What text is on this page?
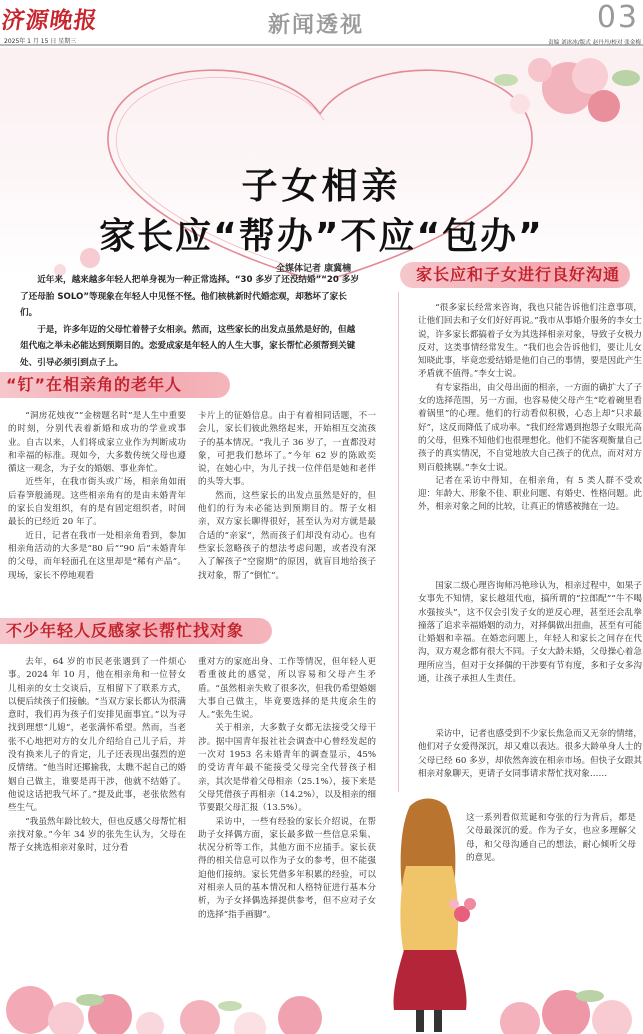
济源晚报
2025年 1 月 15 日 星期三
新闻透视	03
责编 刘冰冰/版式 赵丹丹/校对 张金梅
子女相亲
家长应“帮办”不应“包办”
全媒体记者 康冀楠

近年来，越来越多年轻人把单身视为一种正常选择。“30 多岁了还没结婚”“20 多岁了还母胎 SOLO”等现象在年轻人中见怪不怪。他们核桃新时代婚恋观，却愁坏了家长们。

于是，许多年迈的父母忙着替子女相亲。然而，这些家长的出发点虽然是好的，但越俎代庖之举未必能达到预期目的。恋爱成家是年轻人的人生大事，家长帮忙必须帮到关键处、引导必须引到点子上。

“钉”在相亲角的老年人

“洞房花烛夜”“金榜题名时”是人生中重要的时刻，分别代表着新婚和成功的学业或事业。自古以来，人们将成家立业作为判断成功和幸福的标准。现如今，大多数传统父母也遵循这一观念，为子女的婚姻、事业奔忙。

近些年，在我市街头或广场，相亲角如雨后春笋般涌现。这些相亲角有的是由未婚青年的家长自发组织，有的是有固定组织者，时间最长的已经近 20 年了。

近日，记者在我市一处相亲角看到，参加相亲角活动的大多是“80 后”“90 后”未婚青年的父母，而年轻面孔在这里却是“稀有产品”。现场，家长不停地观看

卡片上的征婚信息。由于有着相同话题，不一会儿，家长们彼此熟络起来，开始相互交流孩子的基本情况。“我儿子 36 岁了，一直都没对象，可把我们愁坏了。”今年 62 岁的陈欧奕说，在她心中，为儿子找一位伴侣是她和老伴的头等大事。

然而，这些家长的出发点虽然是好的，但他们的行为未必能达到预期目的。帮子女相亲，双方家长聊得很好，甚至认为对方就是最合适的“亲家”，然而孩子们却没有动心。也有些家长忽略孩子的想法考虑问题，或者没有深入了解孩子“空窗期”的原因，就盲目地给孩子找对象，帮了“倒忙”。

不少年轻人反感家长帮忙找对象

去年，64 岁的市民老张遇到了一件烦心事。2024 年 10 月，他在相亲角和一位替女儿相亲的女士交谈后，互相留下了联系方式，以便后续孩子们接触。“当双方家长都认为很满意时，我们再为孩子们安排见面事宜。”以为寻找到理想“儿媳”，老张满怀希望。然而，当老张不心地把对方的女儿介绍给自己儿子后，并没有换来儿子的肯定，儿子还表现出强烈的逆反情绪。“他当时还揶揄我，太瞧不起自己的婚姻自己做主，谁要是再干涉，他就不结婚了。他说这话把我气坏了。”提及此事，老张依然有些生气。

“我虽然年龄比较大，但也反感父母帮忙相亲找对象。”今年 34 岁的张先生认为，父母在帮子女挑选相亲对象时，过分看

重对方的家庭出身、工作等情况，但年轻人更看重彼此的感觉，所以容易和父母产生矛盾。“虽然相亲失败了很多次，但我仍希望婚姻大事自己做主，毕竟要选择的是共度余生的人。”张先生说。

关于相亲，大多数子女都无法接受父母干涉。据中国青年报社社会调查中心曾经发起的一次对 1953 名未婚青年的调查显示，45% 的受访青年最不能接受父母完全代替孩子相亲，其次是带着父母相亲（25.1%），接下来是父母凭借孩子再相亲（14.2%），以及相亲的细节要跟父母汇报（13.5%）。

采访中，一些有经验的家长介绍说，在帮助子女择偶方面，家长最多做一些信息采集、状况分析等工作，其他方面不应插手。家长获得的相关信息可以作为子女的参考，但不能强迫他们接纳。家长凭借多年积累的经验，可以对相亲人员的基本情况和人格特征进行基本分析，为子女择偶选择提供参考，但不应对子女的选择“指手画脚”。

家长应和子女进行良好沟通

“很多家长经常来咨询，我也只能告诉他们注意事项，让他们回去和子女们好好再说。”我市从事婚介服务的李女士说，许多家长都搞着子女为其选择相亲对象，导致子女极力反对，这类事情经常发生。“我们也会告诉他们，要让儿女知晓此事，毕竟恋爱结婚是他们自己的事情，要是因此产生矛盾就不值得。”李女士说。

有专家指出，由父母出面的相亲，一方面的确扩大了子女的选择范围，另一方面，也容易使父母产生“吃着碗里看着锅里”的心理。他们的行动看似积极，心态上却“只求最好”，这反而降低了成功率。“我们经常遇到抱怨子女眼光高的父母，但殊不知他们也很理想化。他们不能客观衡量自己孩子的真实情况，不自觉地放大自己孩子的优点，而对对方则百般挑剔。”李女士说。

记者在采访中得知，在相亲角，有 5 类人群不受欢迎：年龄大、形象不佳、职业问题、有婚史、性格问题。此外，相亲对象之间的比较，让真正的情感被抛在一边。

国家二级心理咨询师冯艳珍认为，相亲过程中，如果子女事先不知情，家长越俎代庖，搞所谓的“拉郎配”“牛不喝水强按头”，这不仅会引发子女的逆反心理，甚至还会乱拳撞落了追求幸福婚姻的动力，对择偶做出扭曲，甚至有可能让婚姻和幸福。在婚恋问题上，年轻人和家长之间存在代沟，双方观念都有很大不同。子女大龄未婚，父母操心着急理所应当，但对于女择偶的干涉要有节有度，多和子女多沟通，让孩子承担人生责任。

采访中，记者也感受到不少家长焦急而又无奈的情绪，他们对子女爱得深沉，却又难以表达。很多大龄单身人士的父母已经 60 多岁，却依然奔波在相亲市场。但快子女跟其相亲对象聊天，更请子女同事请求帮忙找对象……

这一系列看似荒诞和夸张的行为背后，都是父母最深沉的爱。作为子女，也应多理解父母，和父母沟通自己的想法，耐心倾听父母的意见。
